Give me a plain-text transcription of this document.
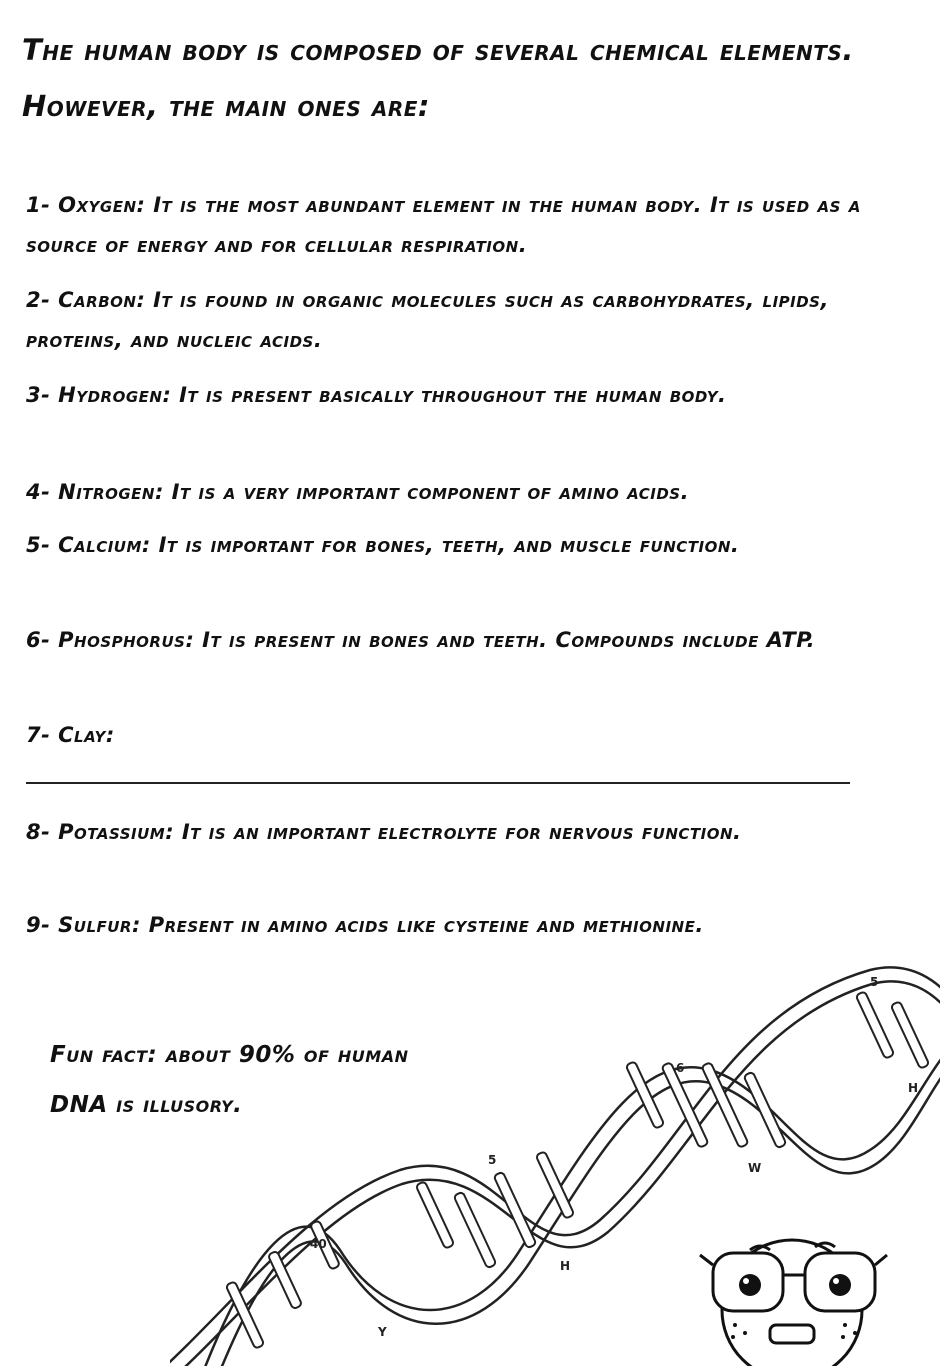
The human body is composed of several chemical elements. However, the main ones are:
1- Oxygen: It is the most abundant element in the human body. It is used as a source of energy and for cellular respiration.
2- Carbon: It is found in organic molecules such as carbohydrates, lipids, proteins, and nucleic acids.
3- Hydrogen: It is present basically throughout the human body.
4- Nitrogen: It is a very important component of amino acids.
5- Calcium: It is important for bones, teeth, and muscle function.
6- Phosphorus: It is present in bones and teeth. Compounds include ATP.
7- Clay:
8- Potassium: It is an important electrolyte for nervous function.
9- Sulfur: Present in amino acids like cysteine and methionine.
Fun fact: about 90% of human DNA is illusory.
5
H
6
W
5
H
40
Y
